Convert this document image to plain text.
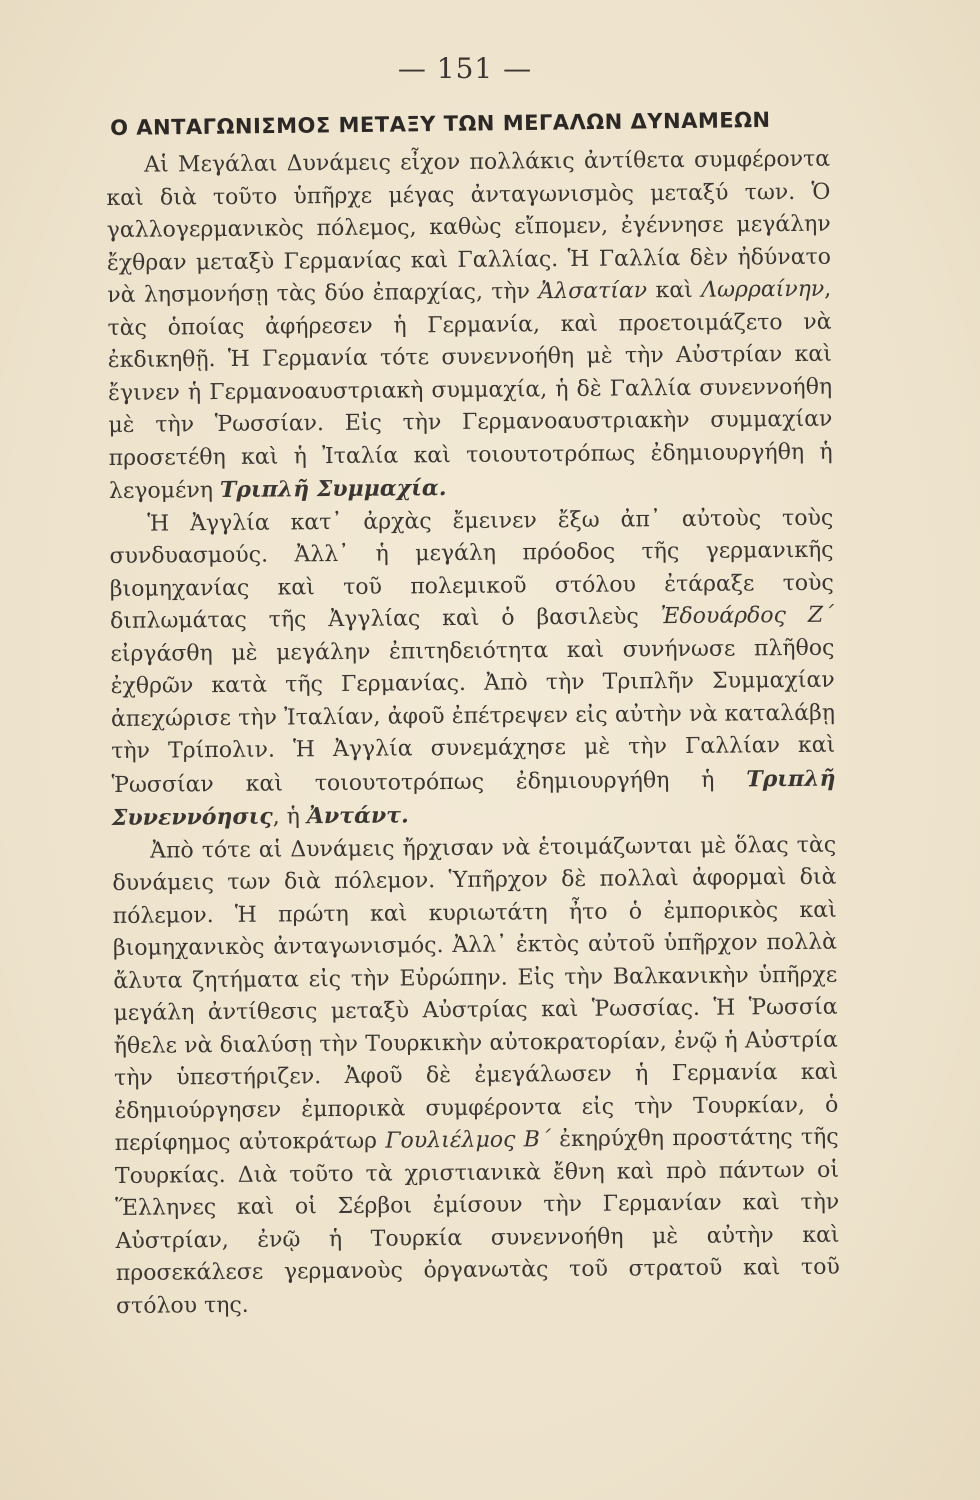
— 151 —
Ο ΑΝΤΑΓΩΝΙΣΜΟΣ ΜΕΤΑΞΥ ΤΩΝ ΜΕΓΑΛΩΝ ΔΥΝΑΜΕΩΝ

Αἱ Μεγάλαι Δυνάμεις εἶχον πολλάκις ἀντίθετα συμφέροντα καὶ διὰ τοῦτο ὑπῆρχε μέγας ἀνταγωνισμὸς μεταξύ των. Ὁ γαλλογερμανικὸς πόλεμος, καθὼς εἴπομεν, ἐγέννησε μεγάλην ἔχθραν μεταξὺ Γερμανίας καὶ Γαλλίας. Ἡ Γαλλία δὲν ἠδύνατο νὰ λησμονήσῃ τὰς δύο ἐπαρχίας, τὴν Ἀλσατίαν καὶ Λωρραίνην, τὰς ὁποίας ἀφήρεσεν ἡ Γερμανία, καὶ προετοιμάζετο νὰ ἐκδικηθῇ. Ἡ Γερμανία τότε συνεννοήθη μὲ τὴν Αὐστρίαν καὶ ἔγινεν ἡ Γερμανοαυστριακὴ συμμαχία, ἡ δὲ Γαλλία συνεννοήθη μὲ τὴν Ῥωσσίαν. Εἰς τὴν Γερμανοαυστριακὴν συμμαχίαν προσετέθη καὶ ἡ Ἰταλία καὶ τοιουτοτρόπως ἐδημιουργήθη ἡ λεγομένη Τριπλῆ Συμμαχία.

Ἡ Ἀγγλία κατ᾽ ἀρχὰς ἔμεινεν ἔξω ἀπ᾽ αὐτοὺς τοὺς συνδυασμούς. Ἀλλ᾽ ἡ μεγάλη πρόοδος τῆς γερμανικῆς βιομηχανίας καὶ τοῦ πολεμικοῦ στόλου ἐτάραξε τοὺς διπλωμάτας τῆς Ἀγγλίας καὶ ὁ βασιλεὺς Ἐδουάρδος Ζ΄ εἰργάσθη μὲ μεγάλην ἐπιτηδειότητα καὶ συνήνωσε πλῆθος ἐχθρῶν κατὰ τῆς Γερμανίας. Ἀπὸ τὴν Τριπλῆν Συμμαχίαν ἀπεχώρισε τὴν Ἰταλίαν, ἀφοῦ ἐπέτρεψεν εἰς αὐτὴν νὰ καταλάβῃ τὴν Τρίπολιν. Ἡ Ἀγγλία συνεμάχησε μὲ τὴν Γαλλίαν καὶ Ῥωσσίαν καὶ τοιουτοτρόπως ἐδημιουργήθη ἡ Τριπλῆ Συνεννόησις, ἡ Ἀντάντ.

Ἀπὸ τότε αἱ Δυνάμεις ἤρχισαν νὰ ἑτοιμάζωνται μὲ ὅλας τὰς δυνάμεις των διὰ πόλεμον. Ὑπῆρχον δὲ πολλαὶ ἀφορμαὶ διὰ πόλεμον. Ἡ πρώτη καὶ κυριωτάτη ἦτο ὁ ἐμπορικὸς καὶ βιομηχανικὸς ἀνταγωνισμός. Ἀλλ᾽ ἐκτὸς αὐτοῦ ὑπῆρχον πολλὰ ἄλυτα ζητήματα εἰς τὴν Εὐρώπην. Εἰς τὴν Βαλκανικὴν ὑπῆρχε μεγάλη ἀντίθεσις μεταξὺ Αὐστρίας καὶ Ῥωσσίας. Ἡ Ῥωσσία ἤθελε νὰ διαλύσῃ τὴν Τουρκικὴν αὐτοκρατορίαν, ἐνῷ ἡ Αὐστρία τὴν ὑπεστήριζεν. Ἀφοῦ δὲ ἐμεγάλωσεν ἡ Γερμανία καὶ ἐδημιούργησεν ἐμπορικὰ συμφέροντα εἰς τὴν Τουρκίαν, ὁ περίφημος αὐτοκράτωρ Γουλιέλμος Β΄ ἐκηρύχθη προστάτης τῆς Τουρκίας. Διὰ τοῦτο τὰ χριστιανικὰ ἔθνη καὶ πρὸ πάντων οἱ Ἕλληνες καὶ οἱ Σέρβοι ἐμίσουν τὴν Γερμανίαν καὶ τὴν Αὐστρίαν, ἐνῷ ἡ Τουρκία συνεννοήθη μὲ αὐτὴν καὶ προσεκάλεσε γερμανοὺς ὀργανωτὰς τοῦ στρατοῦ καὶ τοῦ στόλου της.
